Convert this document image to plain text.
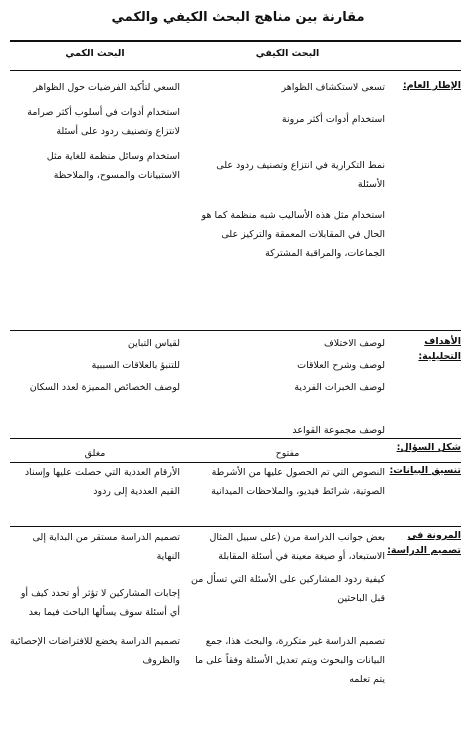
مقارنة بين مناهج البحث الكيفي والكمي
البحث الكيفي
البحث الكمي
الإطار العام:
تسعى لاستكشاف الظواهر
استخدام أدوات أكثر مرونة
نمط التكرارية في انتزاع وتصنيف ردود على الأسئلة
استخدام مثل هذه الأساليب شبه منظمة كما هو الحال في المقابلات المعمقة والتركيز على الجماعات، والمراقبة المشتركة
السعي لتأكيد الفرضيات حول الظواهر
استخدام أدوات في أسلوب أكثر صرامة لانتزاع وتصنيف ردود على أسئلة
استخدام وسائل منظمة للغاية مثل الاستبيانات والمسوح، والملاحظة
الأهداف التحليلية:
لوصف الاختلاف
لوصف وشرح العلاقات
لوصف الخبرات الفردية
لوصف مجموعة القواعد
لقياس التباين
للتنبؤ بالعلاقات السببية
لوصف الخصائص المميزة لعدد السكان
شكل السؤال:
مفتوح
مغلق
تنسيق البيانات:
النصوص التي تم الحصول عليها من الأشرطة الصوتية، شرائط فيديو، والملاحظات الميدانية
الأرقام العددية التي حصلت عليها وإسناد القيم العددية إلى ردود
المرونة في تصميم الدراسة:
بعض جوانب الدراسة مرن (على سبيل المثال الاستبعاد، أو صيغة معينة في أسئلة المقابلة
كيفية ردود المشاركين على الأسئلة التي تسأل من قبل الباحثين
تصميم الدراسة غير متكررة، والبحث هذا، جمع البيانات والبحوث ويتم تعديل الأسئلة وفقاً على ما يتم تعلمه
تصميم الدراسة مستقر من البداية إلى النهاية
إجابات المشاركين لا تؤثر أو تحدد كيف أو أي أسئلة سوف يسألها الباحث فيما بعد
تصميم الدراسة يخضع للافتراضات الإحصائية والظروف
